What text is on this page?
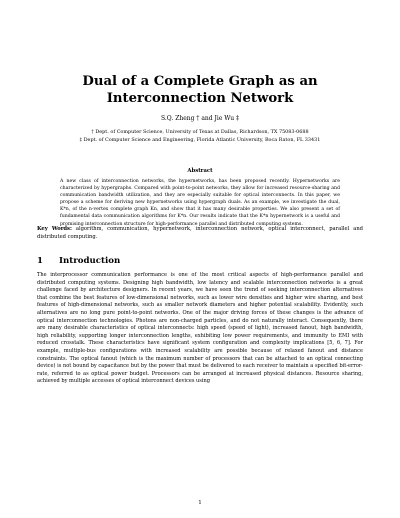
Dual of a Complete Graph as an
Interconnection Network
S.Q. Zheng † and Jie Wu ‡
† Dept. of Computer Science, University of Texas at Dallas, Richardson, TX 75083-0688
‡ Dept. of Computer Science and Engineering, Florida Atlantic University, Boca Raton, FL 33431
Abstract
A new class of interconnection networks, the hypernetworks, has been proposed recently. Hypernetworks are characterized by hypergraphs. Compared with point-to-point networks, they allow for increased resource-sharing and communication bandwidth utilization, and they are especially suitable for optical interconnects. In this paper, we propose a scheme for deriving new hypernetworks using hypergraph duals. As an example, we investigate the dual, K*n, of the n-vertex complete graph Kn, and show that it has many desirable properties. We also present a set of fundamental data communication algorithms for K*n. Our results indicate that the K*n hypernetwork is a useful and promising interconnection structure for high-performance parallel and distributed computing systems.
Key Words: algorithm, communication, hypernetwork, interconnection network, optical interconnect, parallel and distributed computing.
1 Introduction
The interprocessor communication performance is one of the most critical aspects of high-performance parallel and distributed computing systems. Designing high bandwidth, low latency and scalable interconnection networks is a great challenge faced by architecture designers. In recent years, we have seen the trend of seeking interconnection alternatives that combine the best features of low-dimensional networks, such as lower wire densities and higher wire sharing, and best features of high-dimensional networks, such as smaller network diameters and higher potential scalability. Evidently, such alternatives are no long pure point-to-point networks. One of the major driving forces of these changes is the advance of optical interconnection technologies. Photons are non-charged particles, and do not naturally interact. Consequently, there are many desirable characteristics of optical interconnects: high speed (speed of light), increased fanout, high bandwidth, high reliability, supporting longer interconnection lengths, exhibiting low power requirements, and immunity to EMI with reduced crosstalk. These characteristics have significant system configuration and complexity implications [5, 6, 7]. For example, multiple-bus configurations with increased scalability are possible because of relaxed fanout and distance constraints. The optical fanout (which is the maximum number of processors that can be attached to an optical connecting device) is not bound by capacitance but by the power that must be delivered to each receiver to maintain a specified bit-error-rate, referred to as optical power budget. Processors can be arranged at increased physical distances. Resource sharing, achieved by multiple accesses of optical interconnect devices using
1
